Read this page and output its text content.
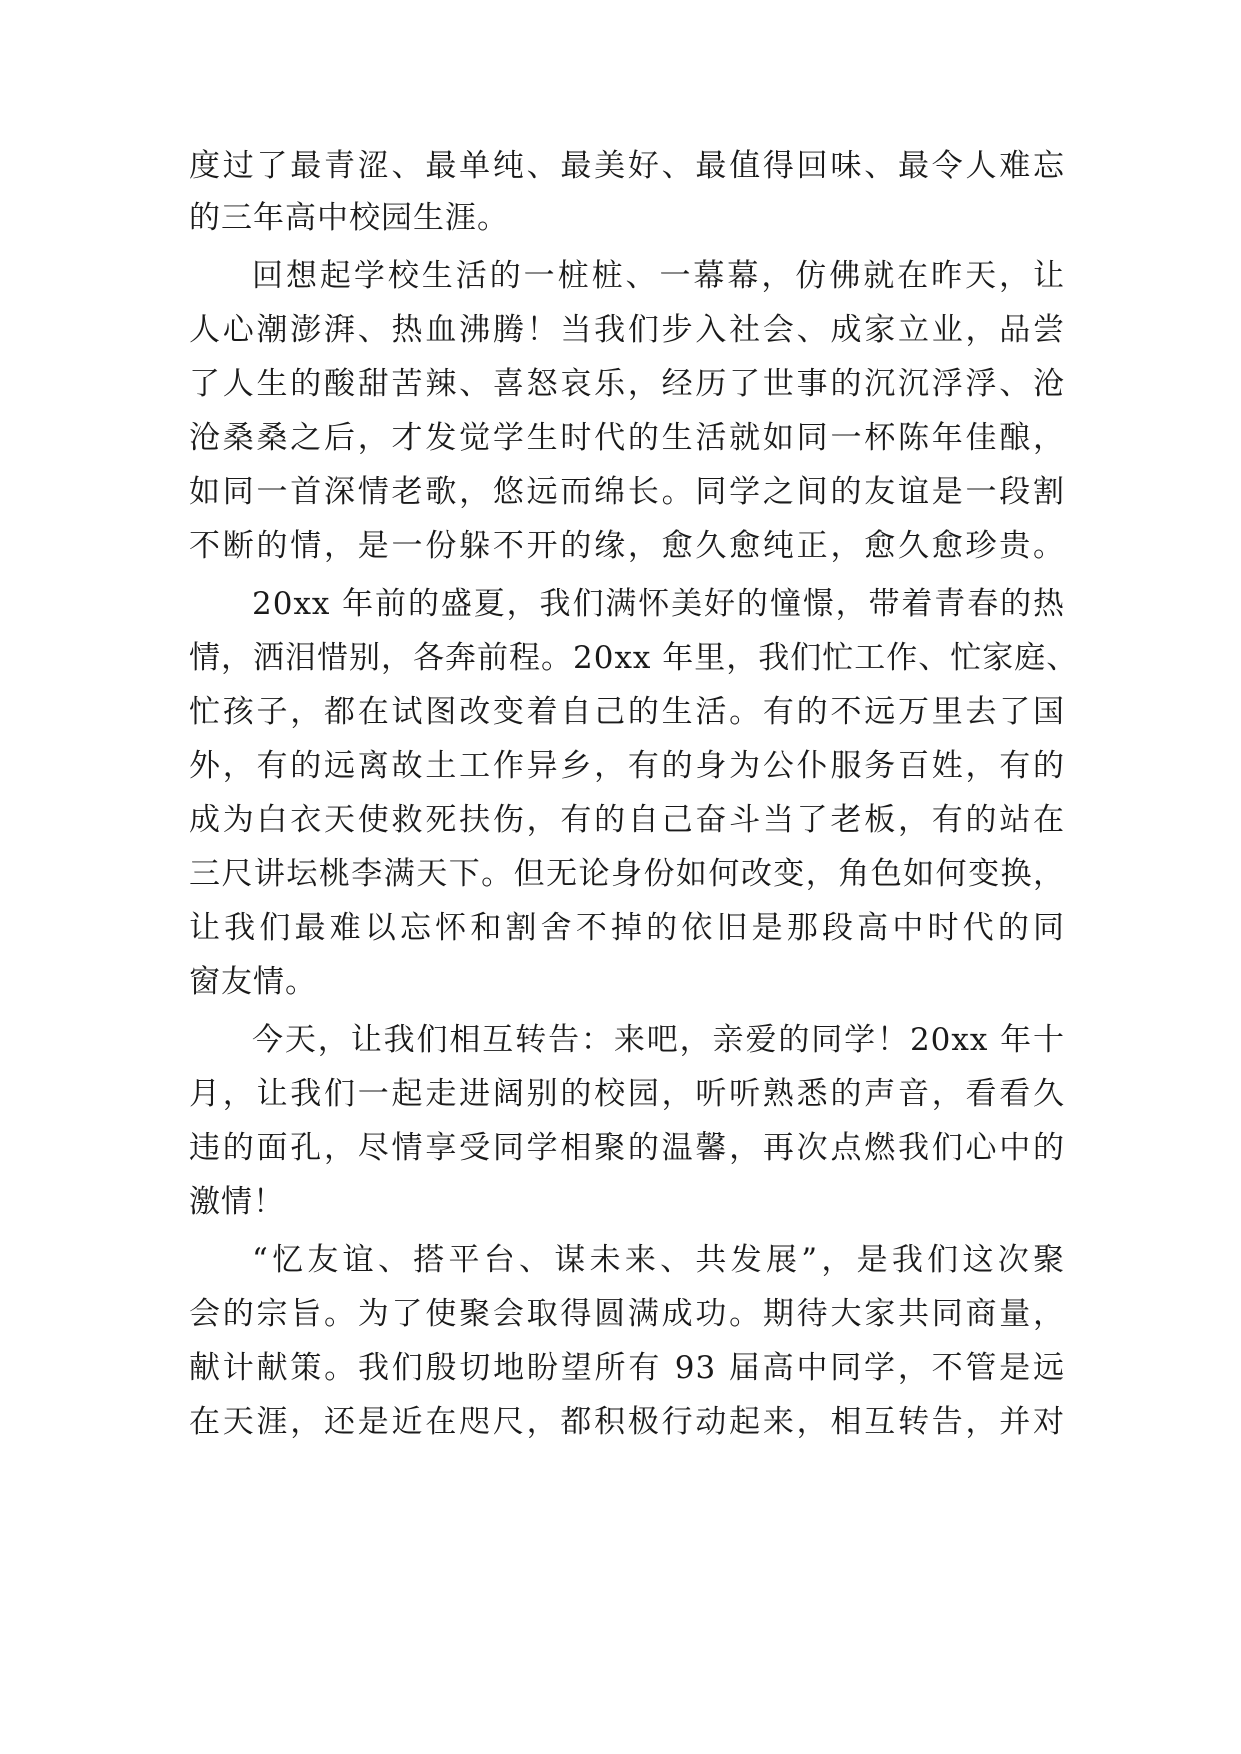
度过了最青涩、最单纯、最美好、最值得回味、最令人难忘

的三年高中校园生涯。

回想起学校生活的一桩桩、一幕幕，仿佛就在昨天，让

人心潮澎湃、热血沸腾！当我们步入社会、成家立业，品尝

了人生的酸甜苦辣、喜怒哀乐，经历了世事的沉沉浮浮、沧

沧桑桑之后，才发觉学生时代的生活就如同一杯陈年佳酿，

如同一首深情老歌，悠远而绵长。同学之间的友谊是一段割

不断的情，是一份躲不开的缘，愈久愈纯正，愈久愈珍贵。

20xx 年前的盛夏，我们满怀美好的憧憬，带着青春的热

情，洒泪惜别，各奔前程。20xx 年里，我们忙工作、忙家庭、

忙孩子，都在试图改变着自己的生活。有的不远万里去了国

外，有的远离故土工作异乡，有的身为公仆服务百姓，有的

成为白衣天使救死扶伤，有的自己奋斗当了老板，有的站在

三尺讲坛桃李满天下。但无论身份如何改变，角色如何变换，

让我们最难以忘怀和割舍不掉的依旧是那段高中时代的同

窗友情。

今天，让我们相互转告：来吧，亲爱的同学！20xx 年十

月，让我们一起走进阔别的校园，听听熟悉的声音，看看久

违的面孔，尽情享受同学相聚的温馨，再次点燃我们心中的

激情！

“忆友谊、搭平台、谋未来、共发展”，是我们这次聚

会的宗旨。为了使聚会取得圆满成功。期待大家共同商量，

献计献策。我们殷切地盼望所有 93 届高中同学，不管是远

在天涯，还是近在咫尺，都积极行动起来，相互转告，并对
